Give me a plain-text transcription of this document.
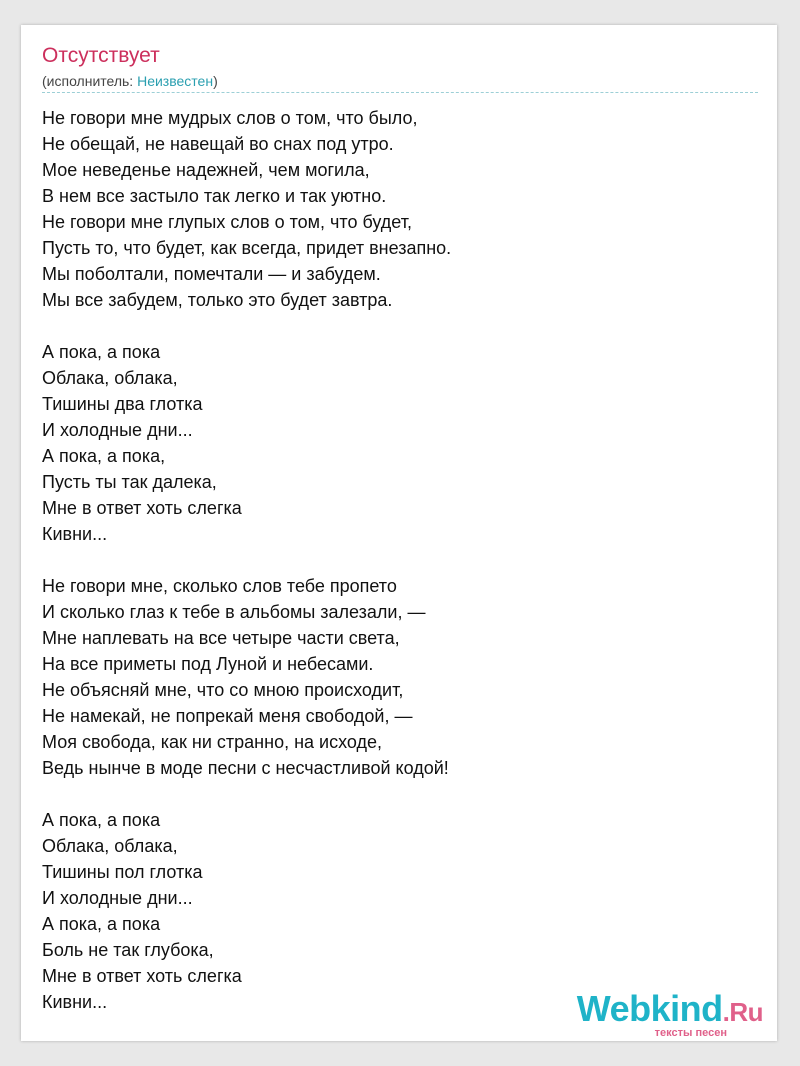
Отсутствует
(исполнитель: Неизвестен)
Не говори мне мудрых слов о том, что было,
Не обещай, не навещай во снах под утро.
Мое неведенье надежней, чем могила,
В нем все застыло так легко и так уютно.
Не говори мне глупых слов о том, что будет,
Пусть то, что будет, как всегда, придет внезапно.
Мы поболтали, помечтали — и забудем.
Мы все забудем, только это будет завтра.
А пока, а пока
Облака, облака,
Тишины два глотка
И холодные дни...
А пока, а пока,
Пусть ты так далека,
Мне в ответ хоть слегка
Кивни...
Не говори мне, сколько слов тебе пропето
И сколько глаз к тебе в альбомы залезали, —
Мне наплевать на все четыре части света,
На все приметы под Луной и небесами.
Не объясняй мне, что со мною происходит,
Не намекай, не попрекай меня свободой, —
Моя свобода, как ни странно, на исходе,
Ведь нынче в моде песни с несчастливой кодой!
А пока, а пока
Облака, облака,
Тишины пол глотка
И холодные дни...
А пока, а пока
Боль не так глубока,
Мне в ответ хоть слегка
Кивни...	Webkind.Ru
тексты песен
